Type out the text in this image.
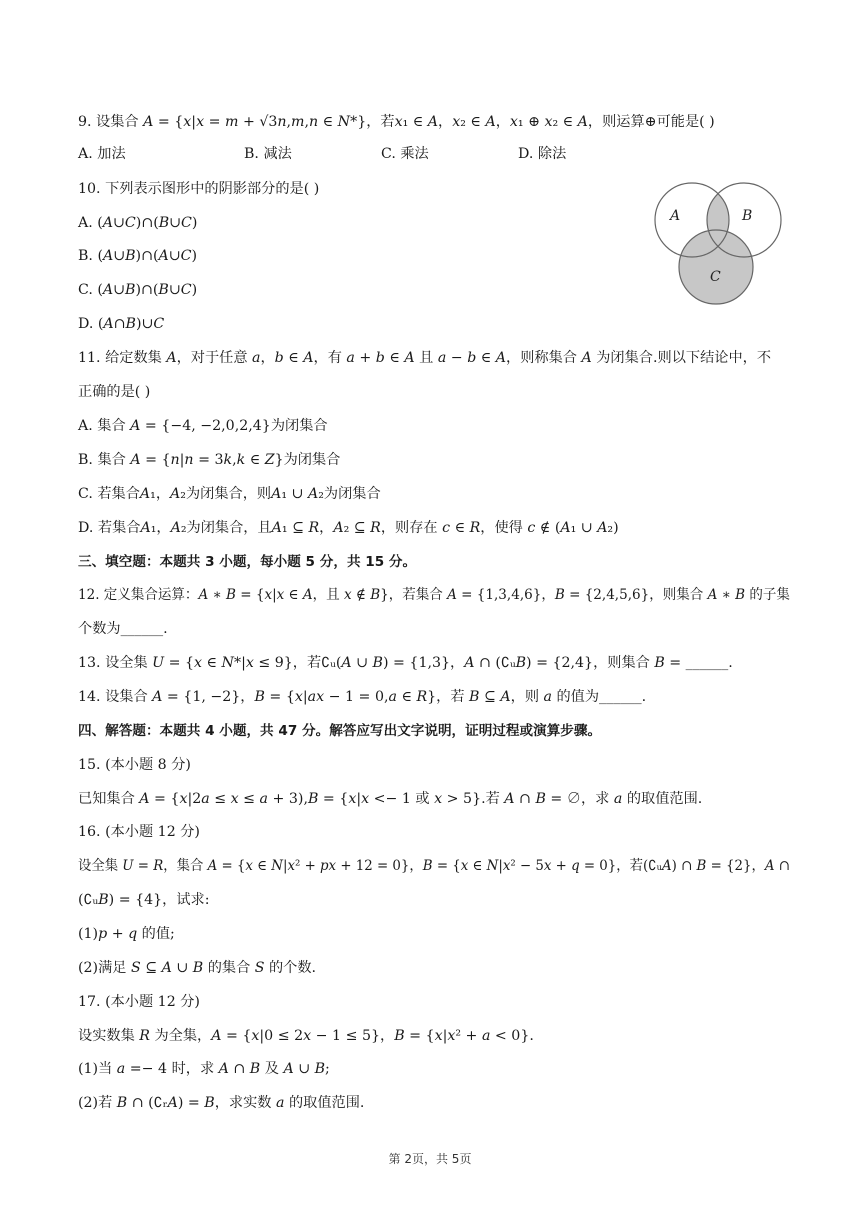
9. 设集合 𝐴 = {𝑥|𝑥 = 𝑚 + √3𝑛,𝑚,𝑛 ∈ 𝑁*}，若𝑥₁ ∈ 𝐴，𝑥₂ ∈ 𝐴，𝑥₁ ⊕ 𝑥₂ ∈ 𝐴，则运算⊕可能是( )
A. 加法	B. 减法	C. 乘法	D. 除法
10. 下列表示图形中的阴影部分的是( )
A. (𝐴∪𝐶)∩(𝐵∪𝐶)
B. (𝐴∪𝐵)∩(𝐴∪𝐶)
C. (𝐴∪𝐵)∩(𝐵∪𝐶)
D. (𝐴∩𝐵)∪𝐶
A	B
C
11. 给定数集 𝐴，对于任意 𝑎，𝑏 ∈ 𝐴，有 𝑎 + 𝑏 ∈ 𝐴 且 𝑎 − 𝑏 ∈ 𝐴，则称集合 𝐴 为闭集合.则以下结论中，不
正确的是( )
A. 集合 𝐴 = {−4, −2,0,2,4}为闭集合
B. 集合 𝐴 = {𝑛|𝑛 = 3𝑘,𝑘 ∈ 𝑍}为闭集合
C. 若集合𝐴₁，𝐴₂为闭集合，则𝐴₁ ∪ 𝐴₂为闭集合
D. 若集合𝐴₁，𝐴₂为闭集合，且𝐴₁ ⊆ 𝑅，𝐴₂ ⊆ 𝑅，则存在 𝑐 ∈ 𝑅，使得 𝑐 ∉ (𝐴₁ ∪ 𝐴₂)
三、填空题：本题共 3 小题，每小题 5 分，共 15 分。
12. 定义集合运算：𝐴 ∗ 𝐵 = {𝑥|𝑥 ∈ 𝐴，且 𝑥 ∉ 𝐵}，若集合 𝐴 = {1,3,4,6}，𝐵 = {2,4,5,6}，则集合 𝐴 ∗ 𝐵 的子集
个数为______.
13. 设全集 𝑈 = {𝑥 ∈ 𝑁*|𝑥 ≤ 9}，若∁ᵤ(𝐴 ∪ 𝐵) = {1,3}，𝐴 ∩ (∁ᵤ𝐵) = {2,4}，则集合 𝐵 = ______.
14. 设集合 𝐴 = {1, −2}，𝐵 = {𝑥|𝑎𝑥 − 1 = 0,𝑎 ∈ 𝑅}，若 𝐵 ⊆ 𝐴，则 𝑎 的值为______.
四、解答题：本题共 4 小题，共 47 分。解答应写出文字说明，证明过程或演算步骤。
15. (本小题 8 分)
已知集合 𝐴 = {𝑥|2𝑎 ≤ 𝑥 ≤ 𝑎 + 3),𝐵 = {𝑥|𝑥 <− 1 或 𝑥 > 5}.若 𝐴 ∩ 𝐵 = ∅，求 𝑎 的取值范围.
16. (本小题 12 分)
设全集 𝑈 = 𝑅，集合 𝐴 = {𝑥 ∈ 𝑁|𝑥² + 𝑝𝑥 + 12 = 0}，𝐵 = {𝑥 ∈ 𝑁|𝑥² − 5𝑥 + 𝑞 = 0}，若(∁ᵤ𝐴) ∩ 𝐵 = {2}，𝐴 ∩
(∁ᵤ𝐵) = {4}，试求:
(1)𝑝 + 𝑞 的值;
(2)满足 𝑆 ⊆ 𝐴 ∪ 𝐵 的集合 𝑆 的个数.
17. (本小题 12 分)
设实数集 𝑅 为全集，𝐴 = {𝑥|0 ≤ 2𝑥 − 1 ≤ 5}，𝐵 = {𝑥|𝑥² + 𝑎 < 0}.
(1)当 𝑎 =− 4 时，求 𝐴 ∩ 𝐵 及 𝐴 ∪ 𝐵;
(2)若 𝐵 ∩ (∁ᵣ𝐴) = 𝐵，求实数 𝑎 的取值范围.
第 2页，共 5页
